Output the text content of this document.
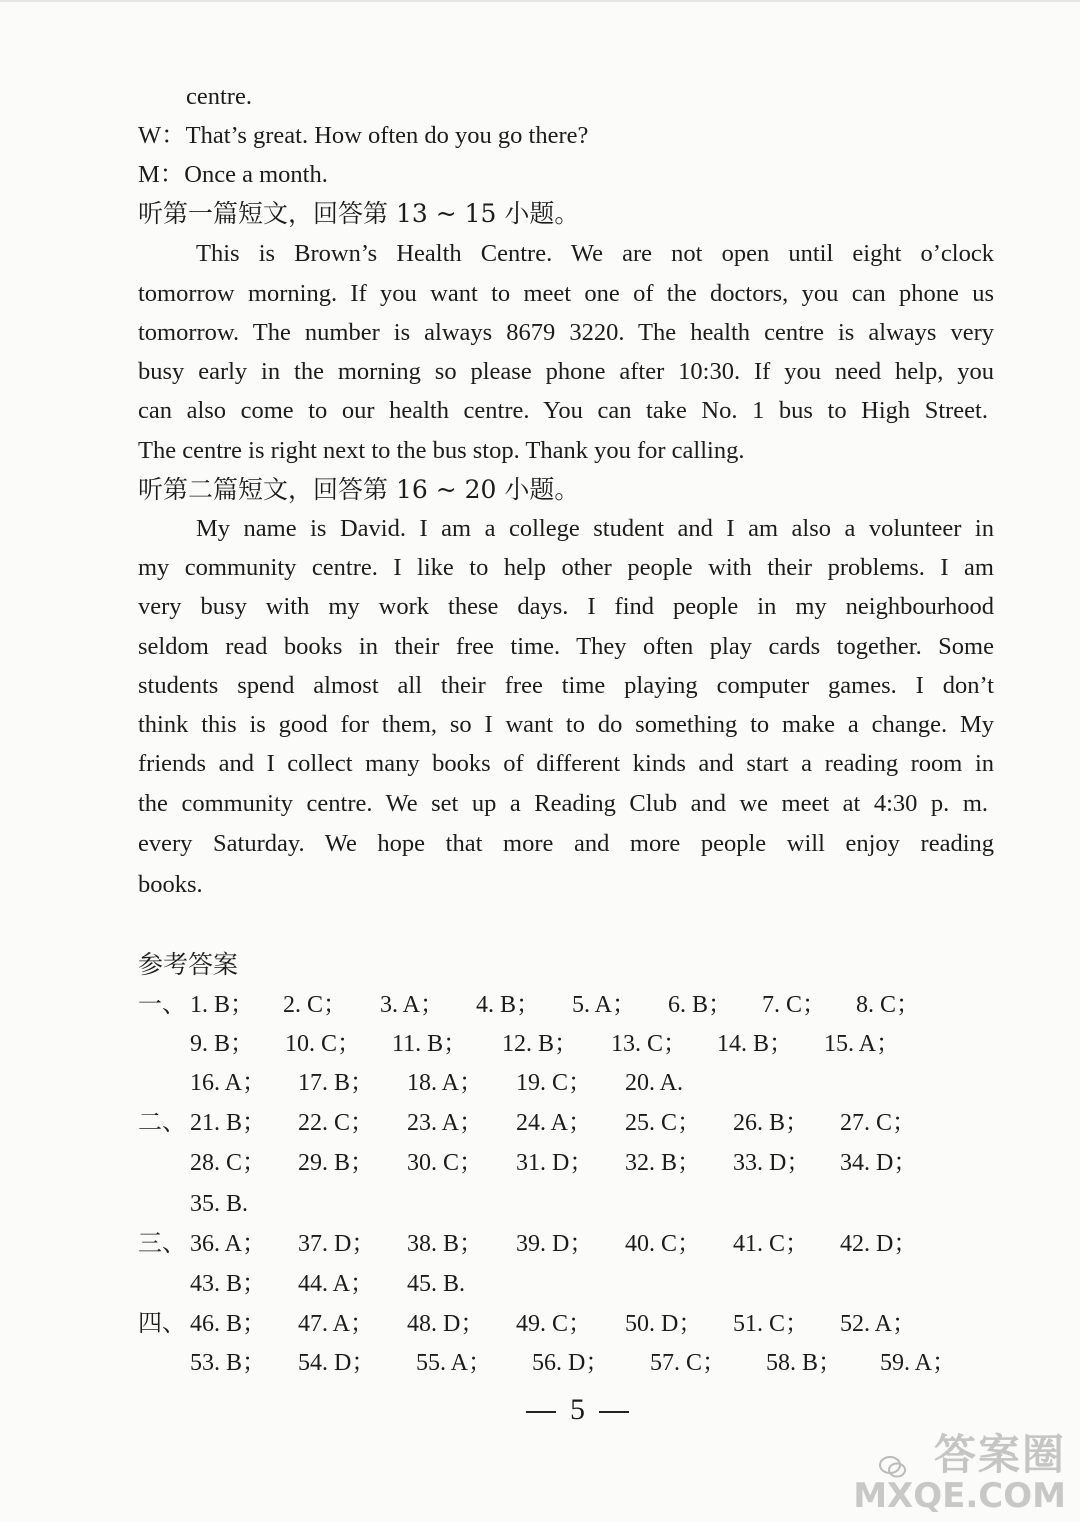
centre.
W：That’s great. How often do you go there?
M：Once a month.
听第一篇短文，回答第 13 ~ 15 小题。
This is Brown’s Health Centre. We are not open until eight o’clock
tomorrow morning. If you want to meet one of the doctors, you can phone us
tomorrow. The number is always 8679 3220. The health centre is always very
busy early in the morning so please phone after 10:30. If you need help, you
can also come to our health centre. You can take No. 1 bus to High Street.
The centre is right next to the bus stop. Thank you for calling.
听第二篇短文，回答第 16 ~ 20 小题。
My name is David. I am a college student and I am also a volunteer in
my community centre. I like to help other people with their problems. I am
very busy with my work these days. I find people in my neighbourhood
seldom read books in their free time. They often play cards together. Some
students spend almost all their free time playing computer games. I don’t
think this is good for them, so I want to do something to make a change. My
friends and I collect many books of different kinds and start a reading room in
the community centre. We set up a Reading Club and we meet at 4:30 p. m.
every Saturday. We hope that more and more people will enjoy reading
books.
参考答案
一、 1. B； 2. C； 3. A； 4. B； 5. A； 6. B； 7. C； 8. C；
9. B； 10. C； 11. B； 12. B； 13. C； 14. B； 15. A；
16. A； 17. B； 18. A； 19. C； 20. A.
二、 21. B； 22. C； 23. A； 24. A； 25. C； 26. B； 27. C；
28. C； 29. B； 30. C； 31. D； 32. B； 33. D； 34. D；
35. B.
三、 36. A； 37. D； 38. B； 39. D； 40. C； 41. C； 42. D；
43. B； 44. A； 45. B.
四、 46. B； 47. A； 48. D； 49. C； 50. D； 51. C； 52. A；
53. B； 54. D； 55. A； 56. D； 57. C； 58. B； 59. A；
5
答案圈
MXQE.COM
